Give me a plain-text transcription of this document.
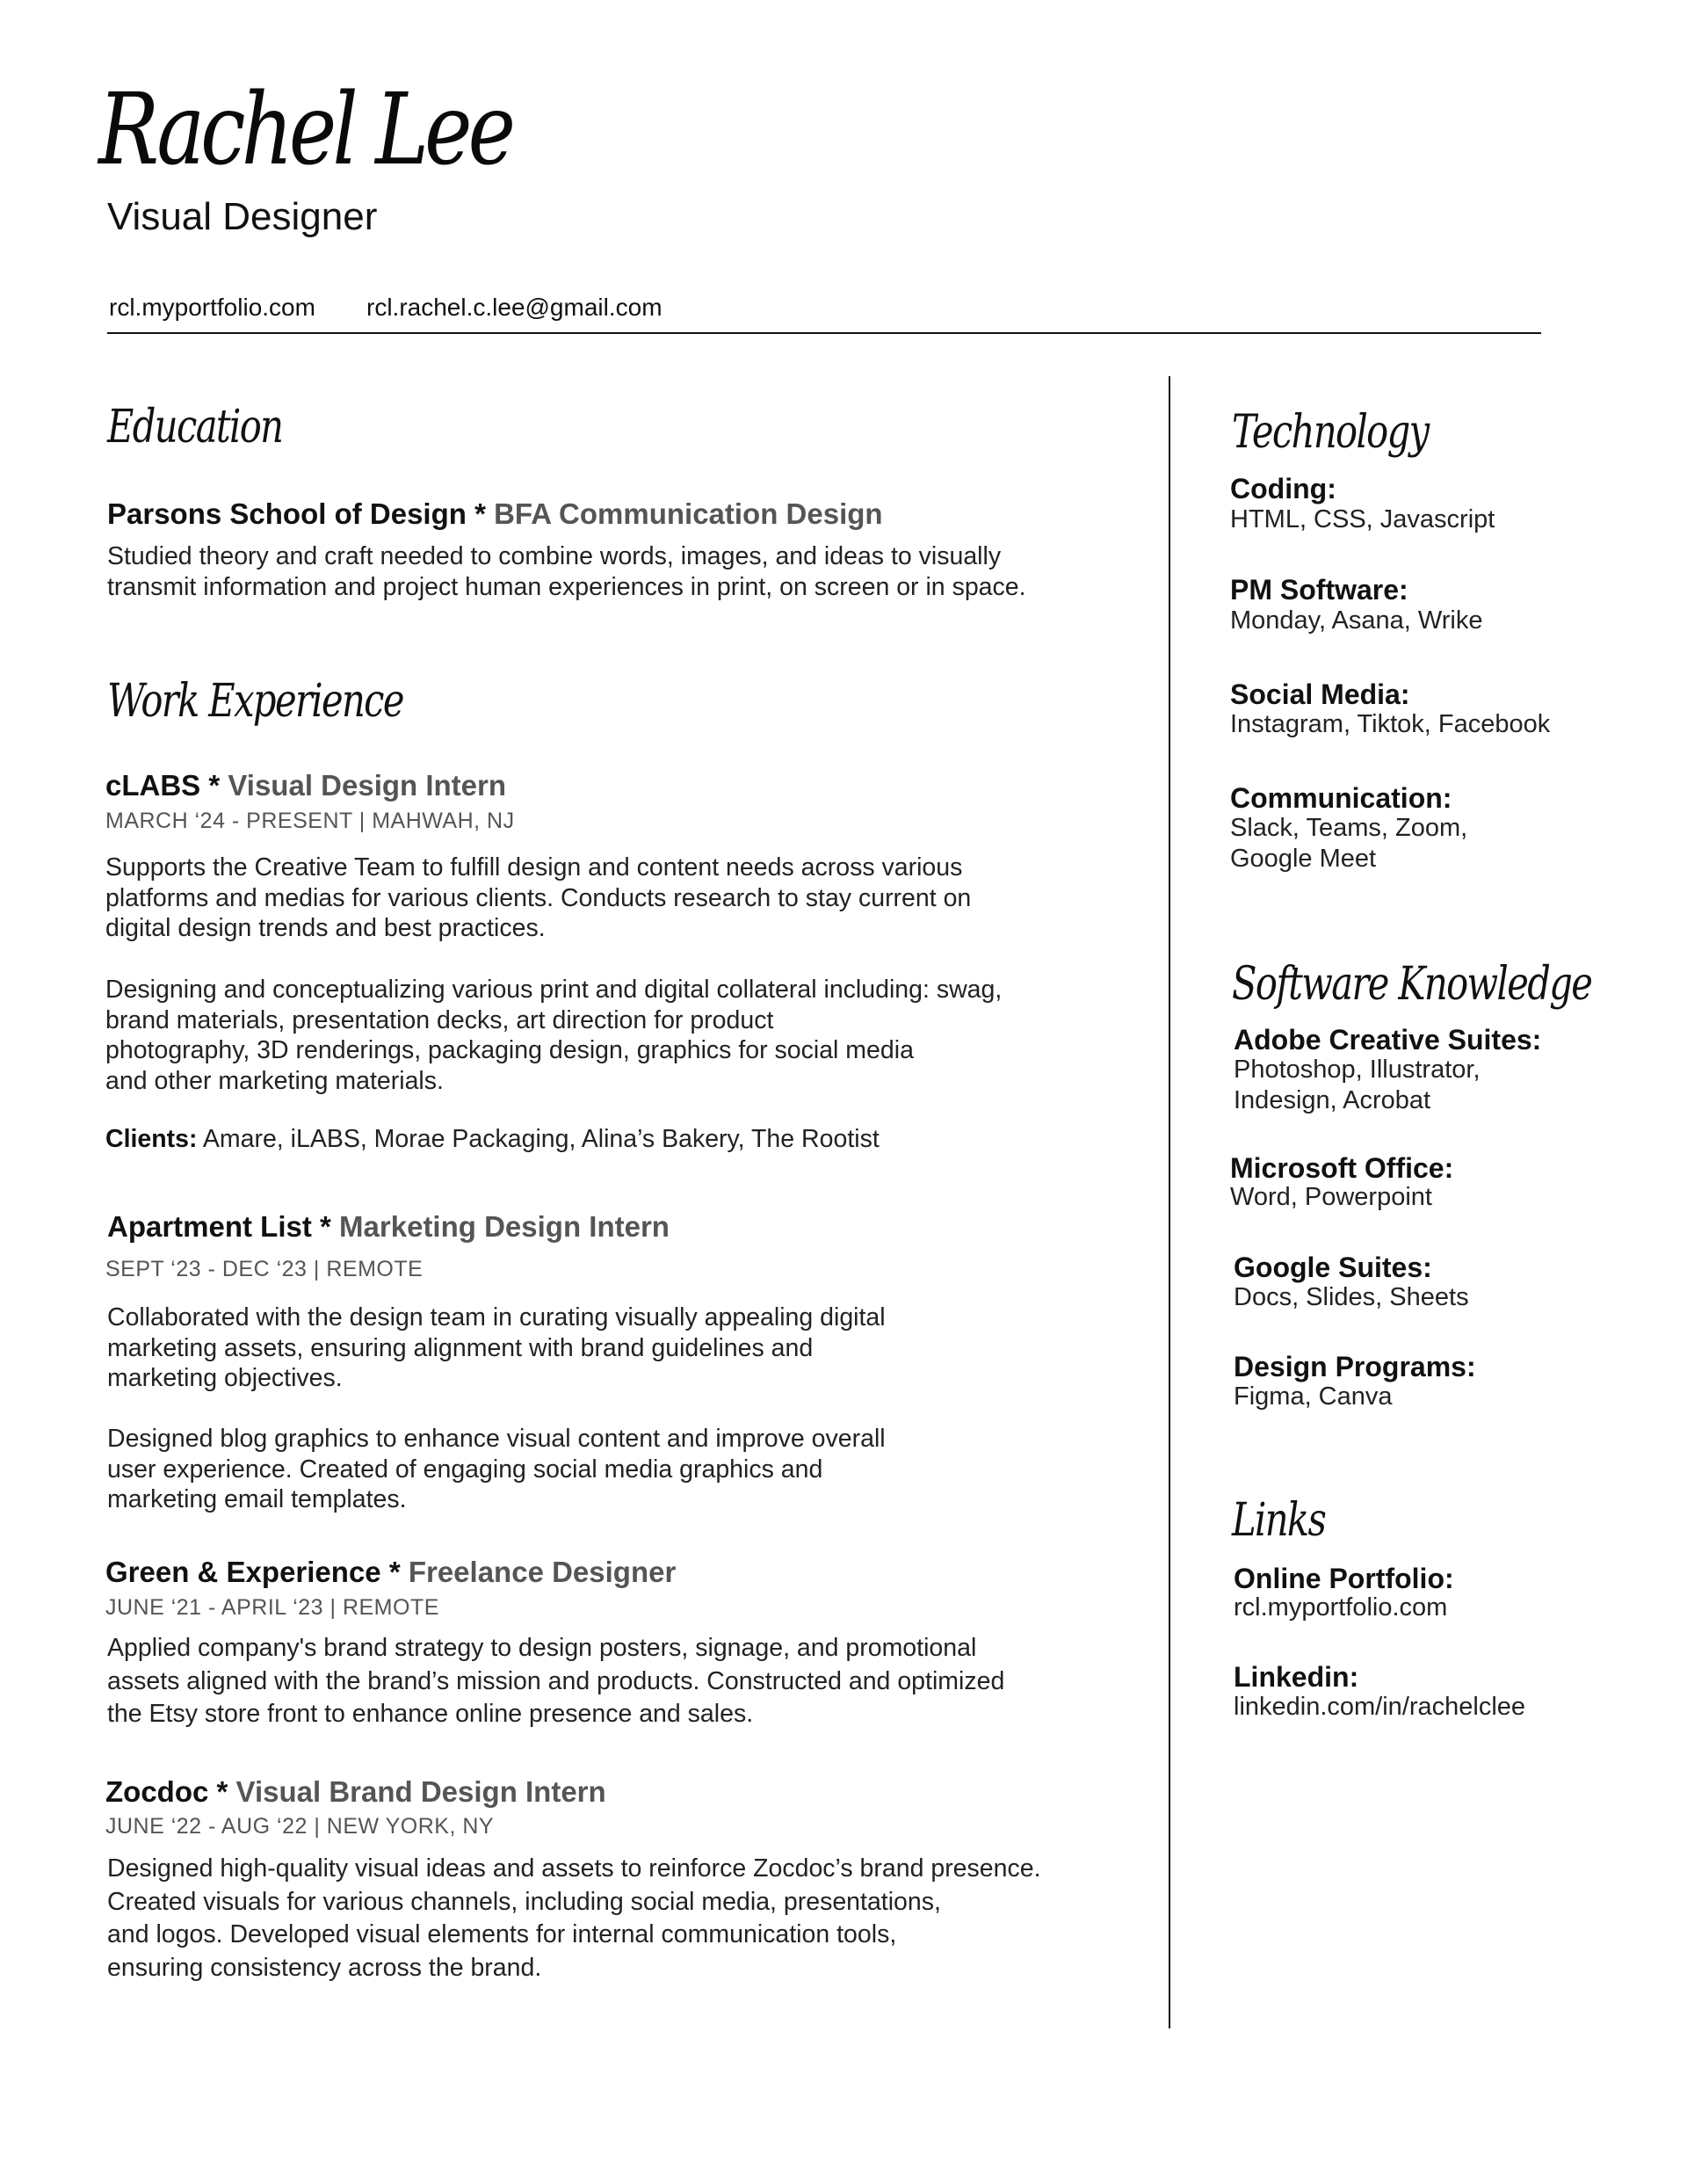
Rachel Lee
Visual Designer
rcl.myportfolio.com rcl.rachel.c.lee@gmail.com
Education
Parsons School of Design * BFA Communication Design
Studied theory and craft needed to combine words, images, and ideas to visually
transmit information and project human experiences in print, on screen or in space.
Work Experience
cLABS * Visual Design Intern
MARCH ‘24 - PRESENT | MAHWAH, NJ
Supports the Creative Team to fulfill design and content needs across various
platforms and medias for various clients. Conducts research to stay current on
digital design trends and best practices.
Designing and conceptualizing various print and digital collateral including: swag,
brand materials, presentation decks, art direction for product
photography, 3D renderings, packaging design, graphics for social media
and other marketing materials.
Clients: Amare, iLABS, Morae Packaging, Alina’s Bakery, The Rootist
Apartment List * Marketing Design Intern
SEPT ‘23 - DEC ‘23 | REMOTE
Collaborated with the design team in curating visually appealing digital
marketing assets, ensuring alignment with brand guidelines and
marketing objectives.
Designed blog graphics to enhance visual content and improve overall
user experience. Created of engaging social media graphics and
marketing email templates.
Green & Experience * Freelance Designer
JUNE ‘21 - APRIL ‘23 | REMOTE
Applied company's brand strategy to design posters, signage, and promotional
assets aligned with the brand’s mission and products. Constructed and optimized
the Etsy store front to enhance online presence and sales.
Zocdoc * Visual Brand Design Intern
JUNE ‘22 - AUG ‘22 | NEW YORK, NY
Designed high-quality visual ideas and assets to reinforce Zocdoc’s brand presence.
Created visuals for various channels, including social media, presentations,
and logos. Developed visual elements for internal communication tools,
ensuring consistency across the brand.
Technology
Coding:
HTML, CSS, Javascript
PM Software:
Monday, Asana, Wrike
Social Media:
Instagram, Tiktok, Facebook
Communication:
Slack, Teams, Zoom,
Google Meet
Software Knowledge
Adobe Creative Suites:
Photoshop, Illustrator,
Indesign, Acrobat
Microsoft Office:
Word, Powerpoint
Google Suites:
Docs, Slides, Sheets
Design Programs:
Figma, Canva
Links
Online Portfolio:
rcl.myportfolio.com
Linkedin:
linkedin.com/in/rachelclee
